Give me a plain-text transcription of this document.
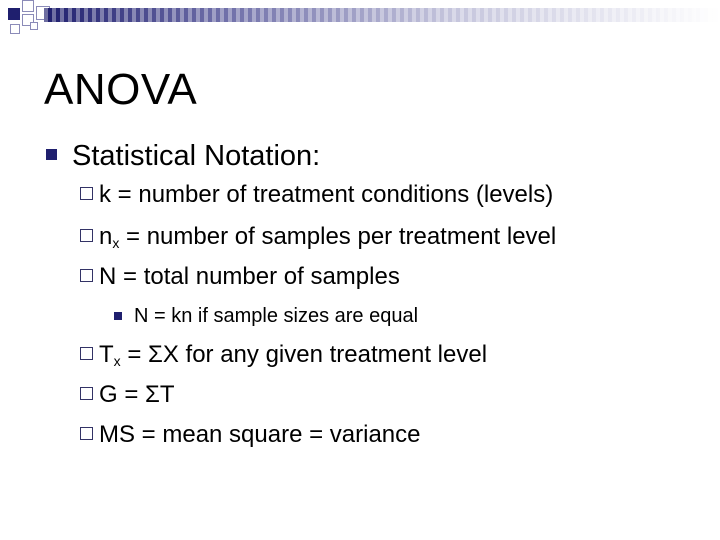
ANOVA
Statistical Notation:
k = number of treatment conditions (levels)
$n_x$ = number of samples per treatment level
N = total number of samples
N = kn if sample sizes are equal
$T_x = \Sigma X$ for any given treatment level
G = ΣT
MS = mean square = variance
